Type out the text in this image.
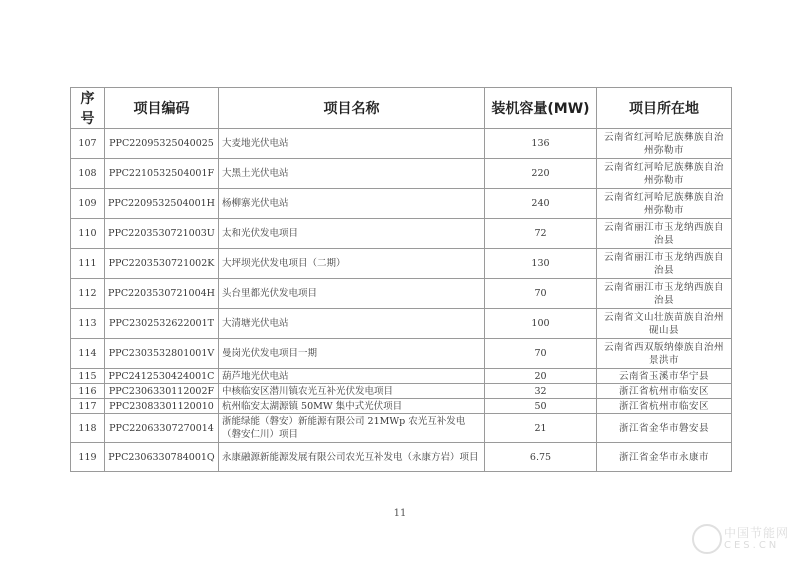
序号	项目编码	项目名称	装机容量(MW)	项目所在地
107	PPC22095325040025	大麦地光伏电站	136	云南省红河哈尼族彝族自治州弥勒市
108	PPC2210532504001F	大黑土光伏电站	220	云南省红河哈尼族彝族自治州弥勒市
109	PPC2209532504001H	杨柳寨光伏电站	240	云南省红河哈尼族彝族自治州弥勒市
110	PPC2203530721003U	太和光伏发电项目	72	云南省丽江市玉龙纳西族自治县
111	PPC2203530721002K	大坪坝光伏发电项目（二期）	130	云南省丽江市玉龙纳西族自治县
112	PPC2203530721004H	头台里都光伏发电项目	70	云南省丽江市玉龙纳西族自治县
113	PPC2302532622001T	大清塘光伏电站	100	云南省文山壮族苗族自治州砚山县
114	PPC2303532801001V	曼岗光伏发电项目一期	70	云南省西双版纳傣族自治州景洪市
115	PPC2412530424001C	葫芦地光伏电站	20	云南省玉溪市华宁县
116	PPC2306330112002F	中核临安区潜川镇农光互补光伏发电项目	32	浙江省杭州市临安区
117	PPC23083301120010	杭州临安太湖源镇 50MW 集中式光伏项目	50	浙江省杭州市临安区
118	PPC22063307270014	浙能绿能（磐安）新能源有限公司 21MWp 农光互补发电（磐安仁川）项目	21	浙江省金华市磐安县
119	PPC2306330784001Q	永康融源新能源发展有限公司农光互补发电（永康方岩）项目	6.75	浙江省金华市永康市
11
中国节能网
CES.CN
